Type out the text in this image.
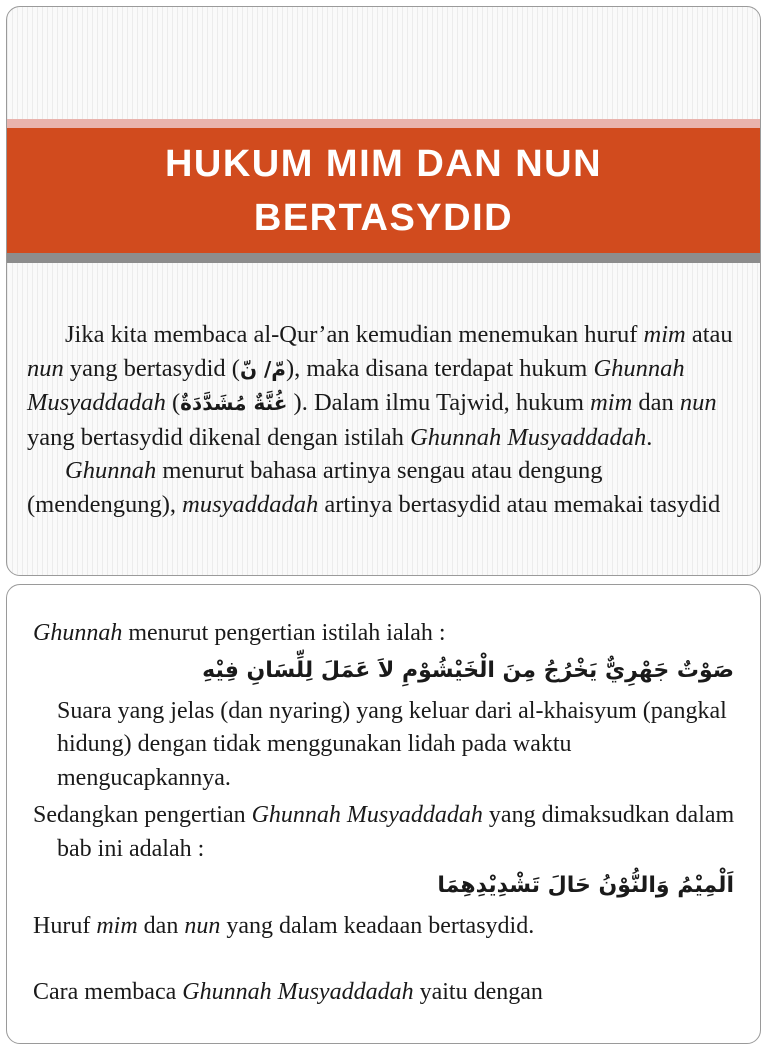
HUKUM MIM DAN NUN
BERTASYDID

Jika kita membaca al-Qur’an kemudian menemukan huruf mim atau nun yang bertasydid (مّ/ نّ), maka disana terdapat hukum Ghunnah Musyaddadah (غُنَّةٌ مُشَدَّدَةٌ ). Dalam ilmu Tajwid, hukum mim dan nun yang bertasydid dikenal dengan istilah Ghunnah Musyaddadah.

Ghunnah menurut bahasa artinya sengau atau dengung (mendengung), musyaddadah artinya bertasydid atau memakai tasydid

Ghunnah menurut pengertian istilah ialah :

صَوْتٌ جَهْرِيٌّ يَخْرُجُ مِنَ الْخَيْشُوْمِ لاَ عَمَلَ لِلِّسَانِ فِيْهِ

Suara yang jelas (dan nyaring) yang keluar dari al-khaisyum (pangkal hidung) dengan tidak menggunakan lidah pada waktu mengucapkannya.

Sedangkan pengertian Ghunnah Musyaddadah yang dimaksudkan dalam bab ini adalah :

اَلْمِيْمُ وَالنُّوْنُ حَالَ تَشْدِيْدِهِمَا

Huruf mim dan nun yang dalam keadaan bertasydid.

Cara membaca Ghunnah Musyaddadah yaitu dengan
